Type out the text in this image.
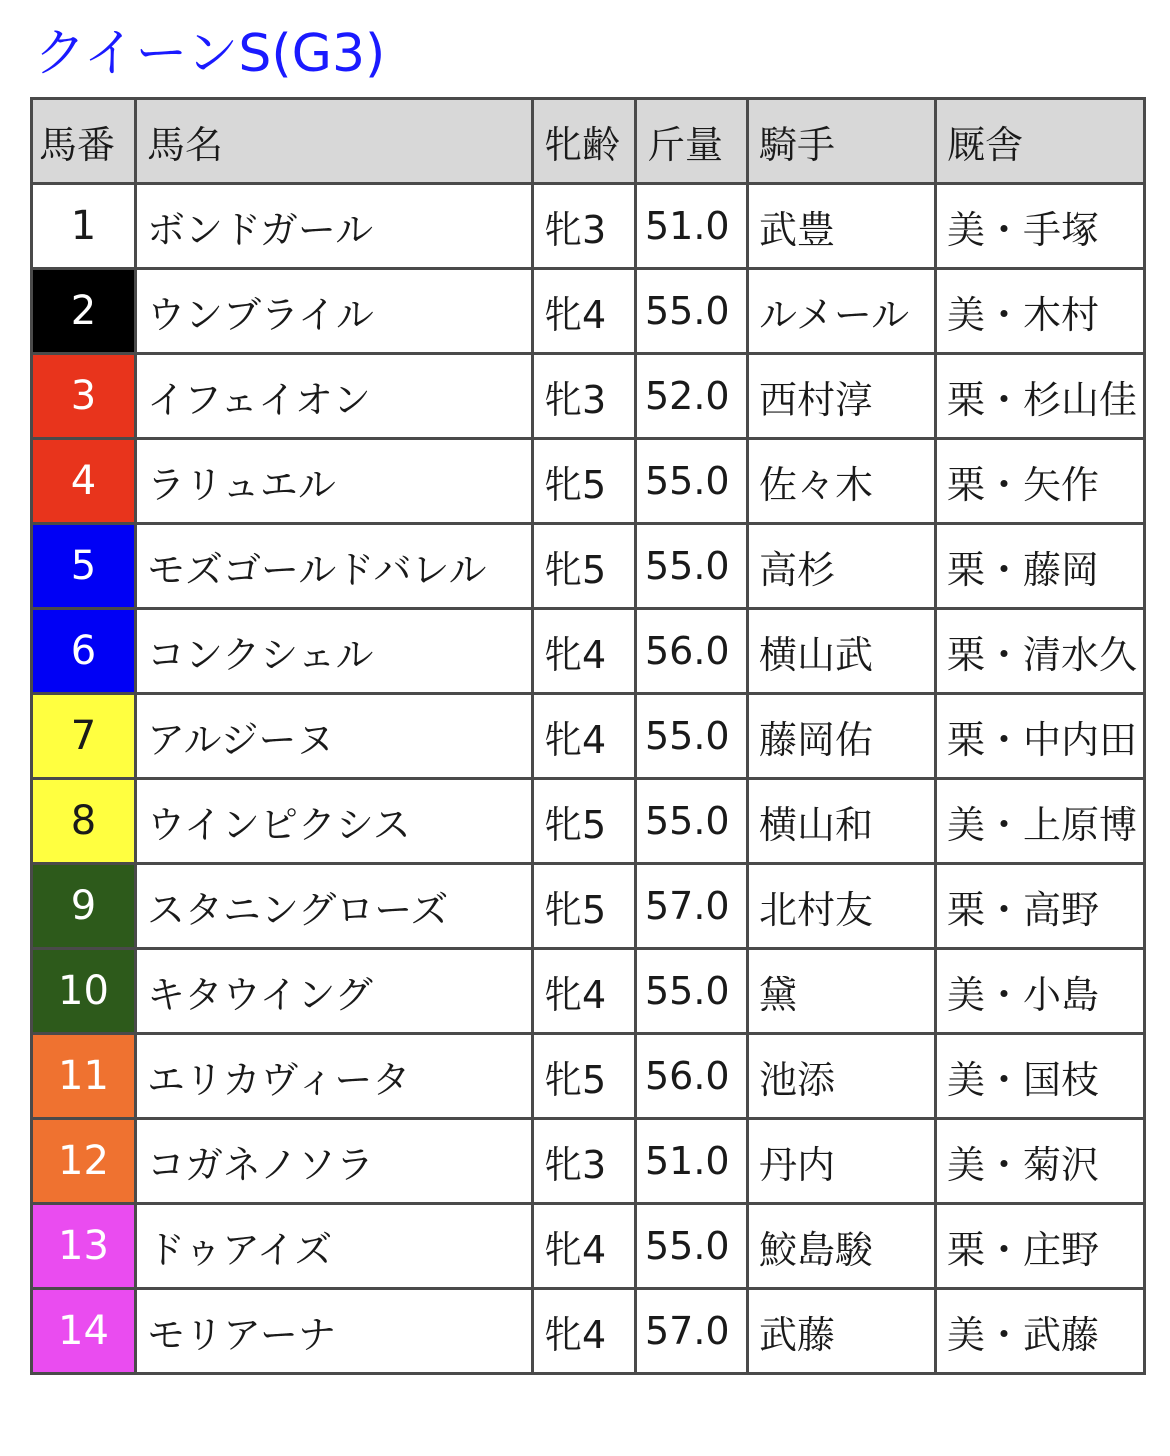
クイーンS(G3)
馬番	馬名	牝齢	斤量	騎手	厩舎
1	ボンドガール	牝3	51.0	武豊	美・手塚
2	ウンブライル	牝4	55.0	ルメール	美・木村
3	イフェイオン	牝3	52.0	西村淳	栗・杉山佳
4	ラリュエル	牝5	55.0	佐々木	栗・矢作
5	モズゴールドバレル	牝5	55.0	高杉	栗・藤岡
6	コンクシェル	牝4	56.0	横山武	栗・清水久
7	アルジーヌ	牝4	55.0	藤岡佑	栗・中内田
8	ウインピクシス	牝5	55.0	横山和	美・上原博
9	スタニングローズ	牝5	57.0	北村友	栗・高野
10	キタウイング	牝4	55.0	黛	美・小島
11	エリカヴィータ	牝5	56.0	池添	美・国枝
12	コガネノソラ	牝3	51.0	丹内	美・菊沢
13	ドゥアイズ	牝4	55.0	鮫島駿	栗・庄野
14	モリアーナ	牝4	57.0	武藤	美・武藤
